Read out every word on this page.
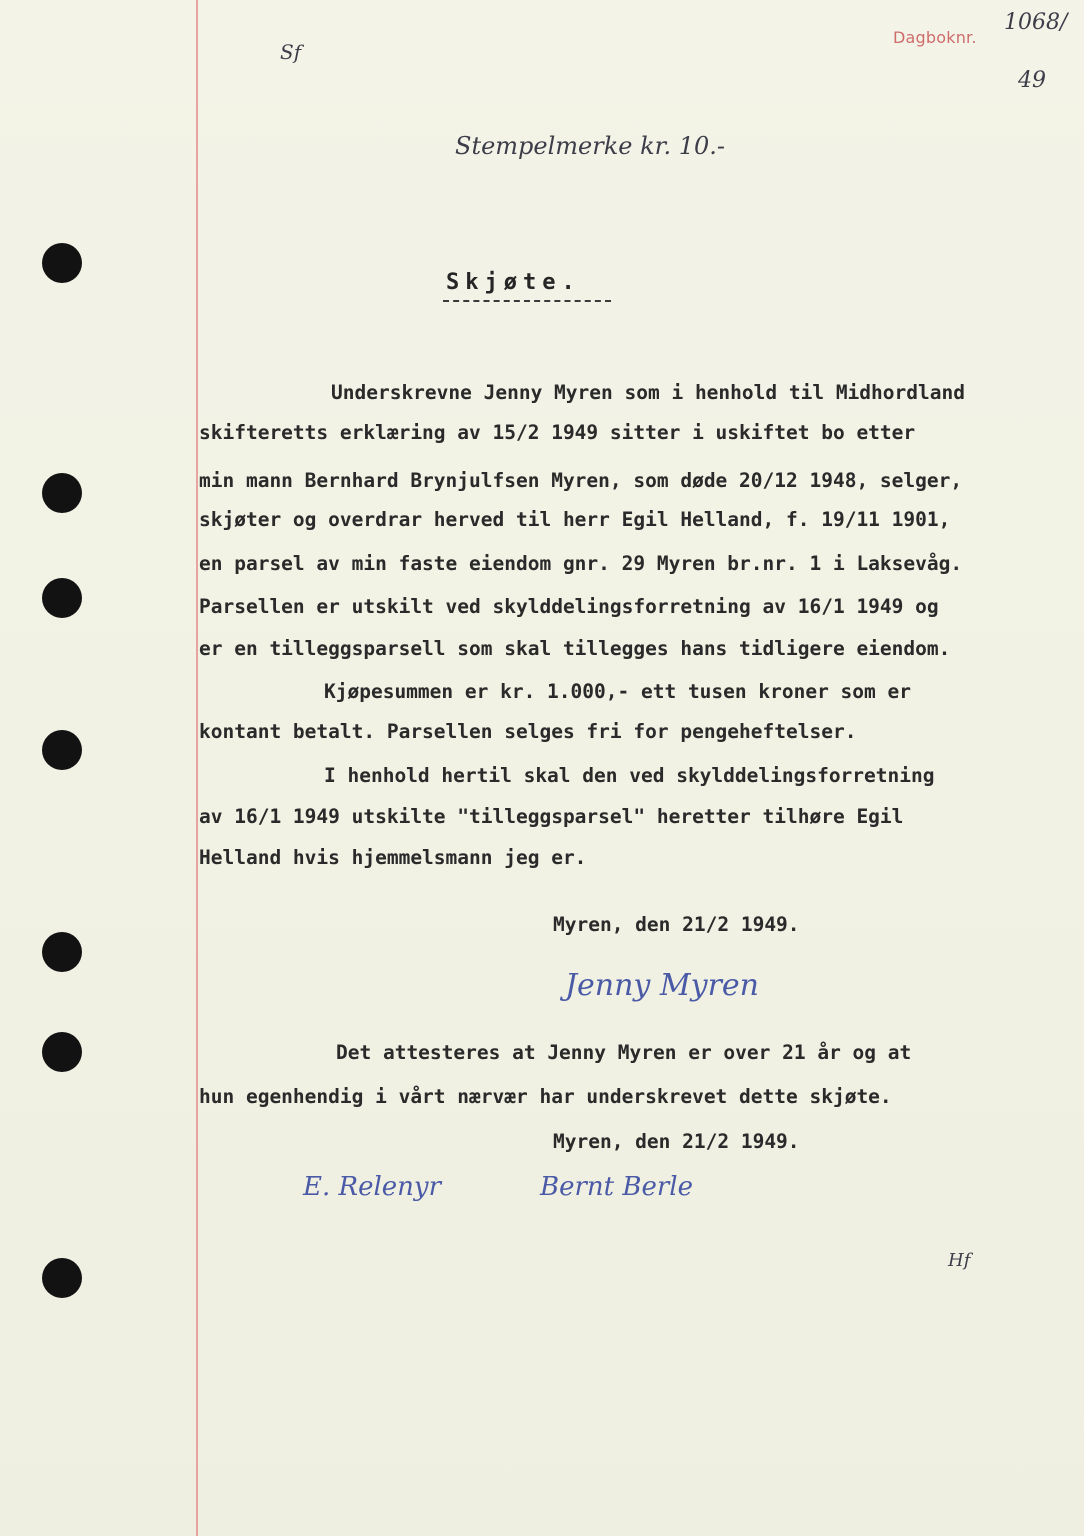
Dagboknr.
1068/
49
Sf
Stempelmerke kr. 10.-
Skjøte.
Underskrevne Jenny Myren som i henhold til Midhordland
skifteretts erklæring av 15/2 1949 sitter i uskiftet bo etter
min mann Bernhard Brynjulfsen Myren, som døde 20/12 1948, selger,
skjøter og overdrar herved til herr Egil Helland, f. 19/11 1901,
en parsel av min faste eiendom gnr. 29 Myren br.nr. 1 i Laksevåg.
Parsellen er utskilt ved skylddelingsforretning av 16/1 1949 og
er en tilleggsparsell som skal tillegges hans tidligere eiendom.
Kjøpesummen er kr. 1.000,- ett tusen kroner som er
kontant betalt. Parsellen selges fri for pengeheftelser.
I henhold hertil skal den ved skylddelingsforretning
av 16/1 1949 utskilte "tilleggsparsel" heretter tilhøre Egil
Helland hvis hjemmelsmann jeg er.
Myren, den 21/2 1949.
Jenny Myren
Det attesteres at Jenny Myren er over 21 år og at
hun egenhendig i vårt nærvær har underskrevet dette skjøte.
Myren, den 21/2 1949.
E. Relenyr	Bernt Berle
Hf
